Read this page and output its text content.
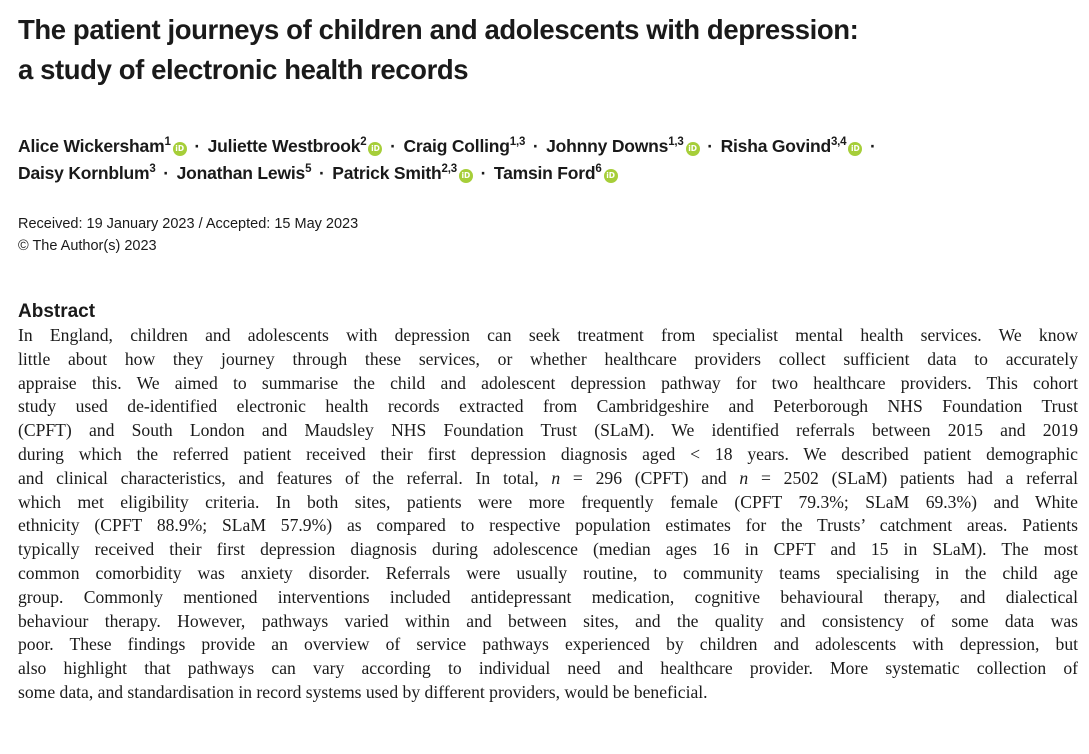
The patient journeys of children and adolescents with depression:
a study of electronic health records
Alice Wickersham$^1$iD · Juliette Westbrook$^2$iD · Craig Colling$^{1,3}$ · Johnny Downs$^{1,3}$iD · Risha Govind$^{3,4}$iD ·
Daisy Kornblum$^3$ · Jonathan Lewis$^5$ · Patrick Smith$^{2,3}$iD · Tamsin Ford$^6$iD
Received: 19 January 2023 / Accepted: 15 May 2023
© The Author(s) 2023
Abstract
In England, children and adolescents with depression can seek treatment from specialist mental health services. We know
little about how they journey through these services, or whether healthcare providers collect sufficient data to accurately
appraise this. We aimed to summarise the child and adolescent depression pathway for two healthcare providers. This cohort
study used de-identified electronic health records extracted from Cambridgeshire and Peterborough NHS Foundation Trust
(CPFT) and South London and Maudsley NHS Foundation Trust (SLaM). We identified referrals between 2015 and 2019
during which the referred patient received their first depression diagnosis aged < 18 years. We described patient demographic
and clinical characteristics, and features of the referral. In total, n = 296 (CPFT) and n = 2502 (SLaM) patients had a referral
which met eligibility criteria. In both sites, patients were more frequently female (CPFT 79.3%; SLaM 69.3%) and White
ethnicity (CPFT 88.9%; SLaM 57.9%) as compared to respective population estimates for the Trusts’ catchment areas. Patients
typically received their first depression diagnosis during adolescence (median ages 16 in CPFT and 15 in SLaM). The most
common comorbidity was anxiety disorder. Referrals were usually routine, to community teams specialising in the child age
group. Commonly mentioned interventions included antidepressant medication, cognitive behavioural therapy, and dialectical
behaviour therapy. However, pathways varied within and between sites, and the quality and consistency of some data was
poor. These findings provide an overview of service pathways experienced by children and adolescents with depression, but
also highlight that pathways can vary according to individual need and healthcare provider. More systematic collection of
some data, and standardisation in record systems used by different providers, would be beneficial.
